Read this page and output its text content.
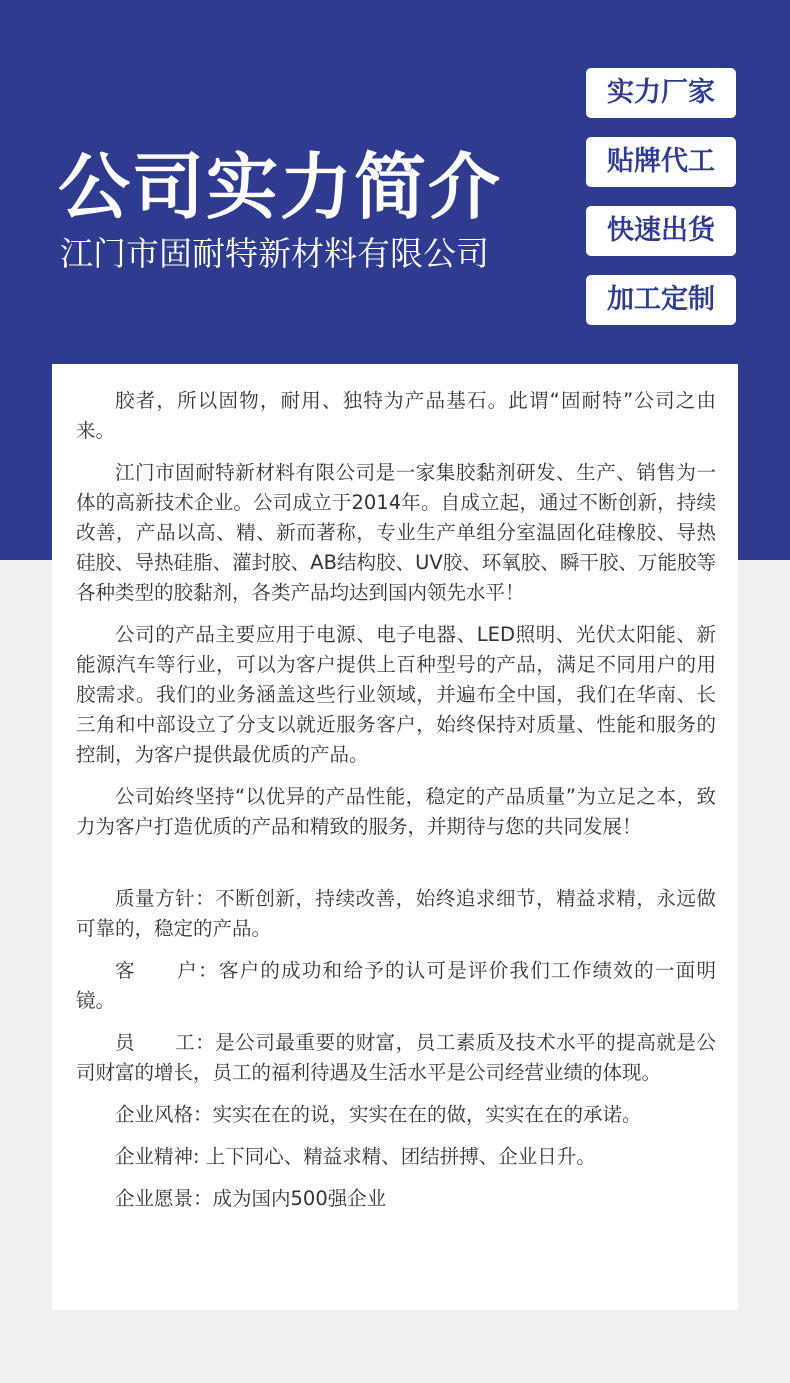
公司实力简介
江门市固耐特新材料有限公司
实力厂家
贴牌代工
快速出货
加工定制

胶者，所以固物，耐用、独特为产品基石。此谓“固耐特”公司之由来。

江门市固耐特新材料有限公司是一家集胶黏剂研发、生产、销售为一体的高新技术企业。公司成立于2014年。自成立起，通过不断创新，持续改善，产品以高、精、新而著称，专业生产单组分室温固化硅橡胶、导热硅胶、导热硅脂、灌封胶、AB结构胶、UV胶、环氧胶、瞬干胶、万能胶等各种类型的胶黏剂，各类产品均达到国内领先水平！

公司的产品主要应用于电源、电子电器、LED照明、光伏太阳能、新能源汽车等行业，可以为客户提供上百种型号的产品，满足不同用户的用胶需求。我们的业务涵盖这些行业领域，并遍布全中国，我们在华南、长三角和中部设立了分支以就近服务客户，始终保持对质量、性能和服务的控制，为客户提供最优质的产品。

公司始终坚持“以优异的产品性能，稳定的产品质量”为立足之本，致力为客户打造优质的产品和精致的服务，并期待与您的共同发展！

质量方针：不断创新，持续改善，始终追求细节，精益求精，永远做可靠的，稳定的产品。

客　　户：客户的成功和给予的认可是评价我们工作绩效的一面明镜。

员　　工：是公司最重要的财富，员工素质及技术水平的提高就是公司财富的增长，员工的福利待遇及生活水平是公司经营业绩的体现。

企业风格：实实在在的说，实实在在的做，实实在在的承诺。

企业精神: 上下同心、精益求精、团结拼搏、企业日升。

企业愿景：成为国内500强企业
